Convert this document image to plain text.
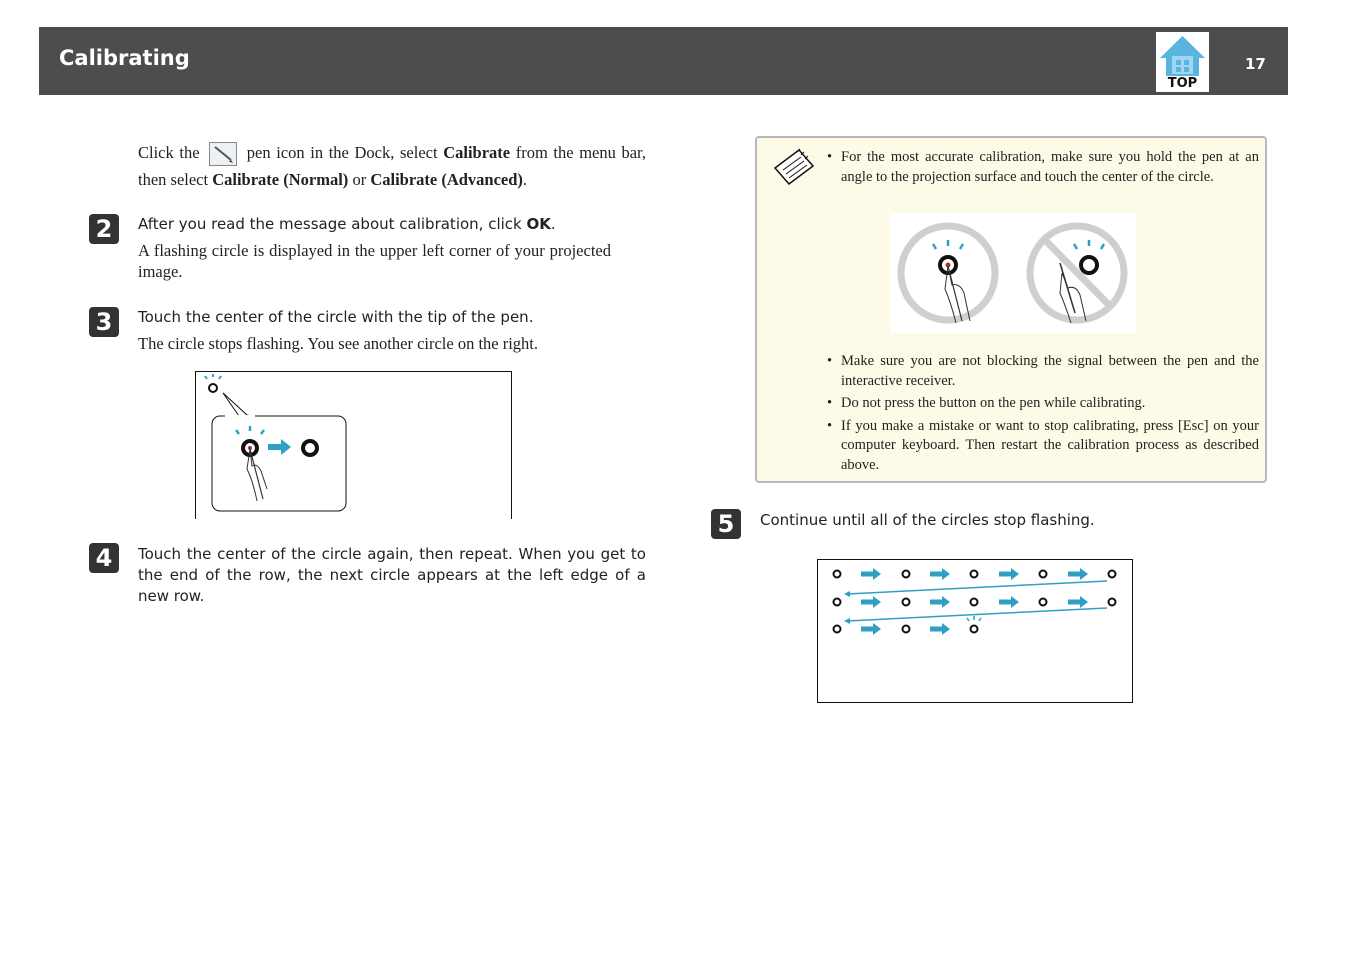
Calibrating
TOP
17
Click the	pen icon in the Dock, select Calibrate from the menu bar, then select Calibrate (Normal) or Calibrate (Advanced).
2	After you read the message about calibration, click OK.
A flashing circle is displayed in the upper left corner of your projected image.
3	Touch the center of the circle with the tip of the pen.
The circle stops flashing. You see another circle on the right.
4	Touch the center of the circle again, then repeat. When you get to the end of the row, the next circle appears at the left edge of a new row.
• For the most accurate calibration, make sure you hold the pen at an angle to the projection surface and touch the center of the circle.
• Make sure you are not blocking the signal between the pen and the interactive receiver.
• Do not press the button on the pen while calibrating.
• If you make a mistake or want to stop calibrating, press [Esc] on your computer keyboard. Then restart the calibration process as described above.
5	Continue until all of the circles stop flashing.
